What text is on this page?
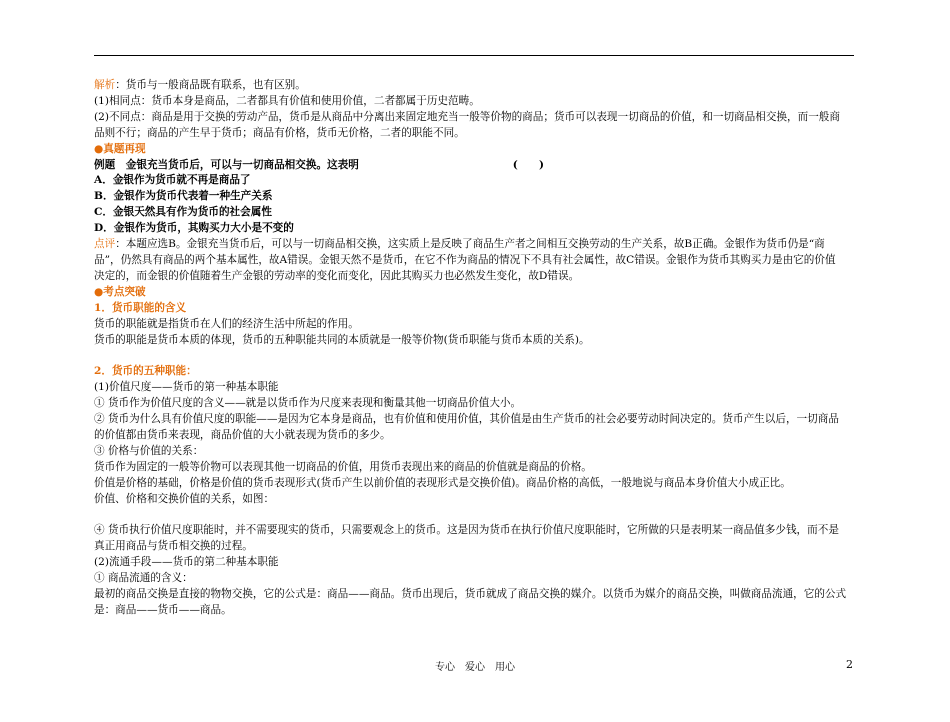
解析：货币与一般商品既有联系，也有区别。

(1)相同点：货币本身是商品，二者都具有价值和使用价值，二者都属于历史范畴。

(2)不同点：商品是用于交换的劳动产品，货币是从商品中分离出来固定地充当一般等价物的商品；货币可以表现一切商品的价值，和一切商品相交换，而一般商

品则不行；商品的产生早于货币；商品有价格，货币无价格，二者的职能不同。

●真题再现

例题　金银充当货币后，可以与一切商品相交换。这表明	(　　)

A．金银作为货币就不再是商品了

B．金银作为货币代表着一种生产关系

C．金银天然具有作为货币的社会属性

D．金银作为货币，其购买力大小是不变的

点评：本题应选B。金银充当货币后，可以与一切商品相交换，这实质上是反映了商品生产者之间相互交换劳动的生产关系，故B正确。金银作为货币仍是“商

品”，仍然具有商品的两个基本属性，故A错误。金银天然不是货币，在它不作为商品的情况下不具有社会属性，故C错误。金银作为货币其购买力是由它的价值

决定的，而金银的价值随着生产金银的劳动率的变化而变化，因此其购买力也必然发生变化，故D错误。

●考点突破

1．货币职能的含义

货币的职能就是指货币在人们的经济生活中所起的作用。

货币的职能是货币本质的体现，货币的五种职能共同的本质就是一般等价物(货币职能与货币本质的关系)。

2．货币的五种职能：

(1)价值尺度——货币的第一种基本职能

① 货币作为价值尺度的含义——就是以货币作为尺度来表现和衡量其他一切商品价值大小。

② 货币为什么具有价值尺度的职能——是因为它本身是商品，也有价值和使用价值，其价值是由生产货币的社会必要劳动时间决定的。货币产生以后，一切商品

的价值都由货币来表现，商品价值的大小就表现为货币的多少。

③ 价格与价值的关系：

货币作为固定的一般等价物可以表现其他一切商品的价值，用货币表现出来的商品的价值就是商品的价格。

价值是价格的基础，价格是价值的货币表现形式(货币产生以前价值的表现形式是交换价值)。商品价格的高低，一般地说与商品本身价值大小成正比。

价值、价格和交换价值的关系，如图：

④ 货币执行价值尺度职能时，并不需要现实的货币，只需要观念上的货币。这是因为货币在执行价值尺度职能时，它所做的只是表明某一商品值多少钱，而不是

真正用商品与货币相交换的过程。

(2)流通手段——货币的第二种基本职能

① 商品流通的含义：

最初的商品交换是直接的物物交换，它的公式是：商品——商品。货币出现后，货币就成了商品交换的媒介。以货币为媒介的商品交换，叫做商品流通，它的公式

是：商品——货币——商品。

专心　爱心　用心	2
